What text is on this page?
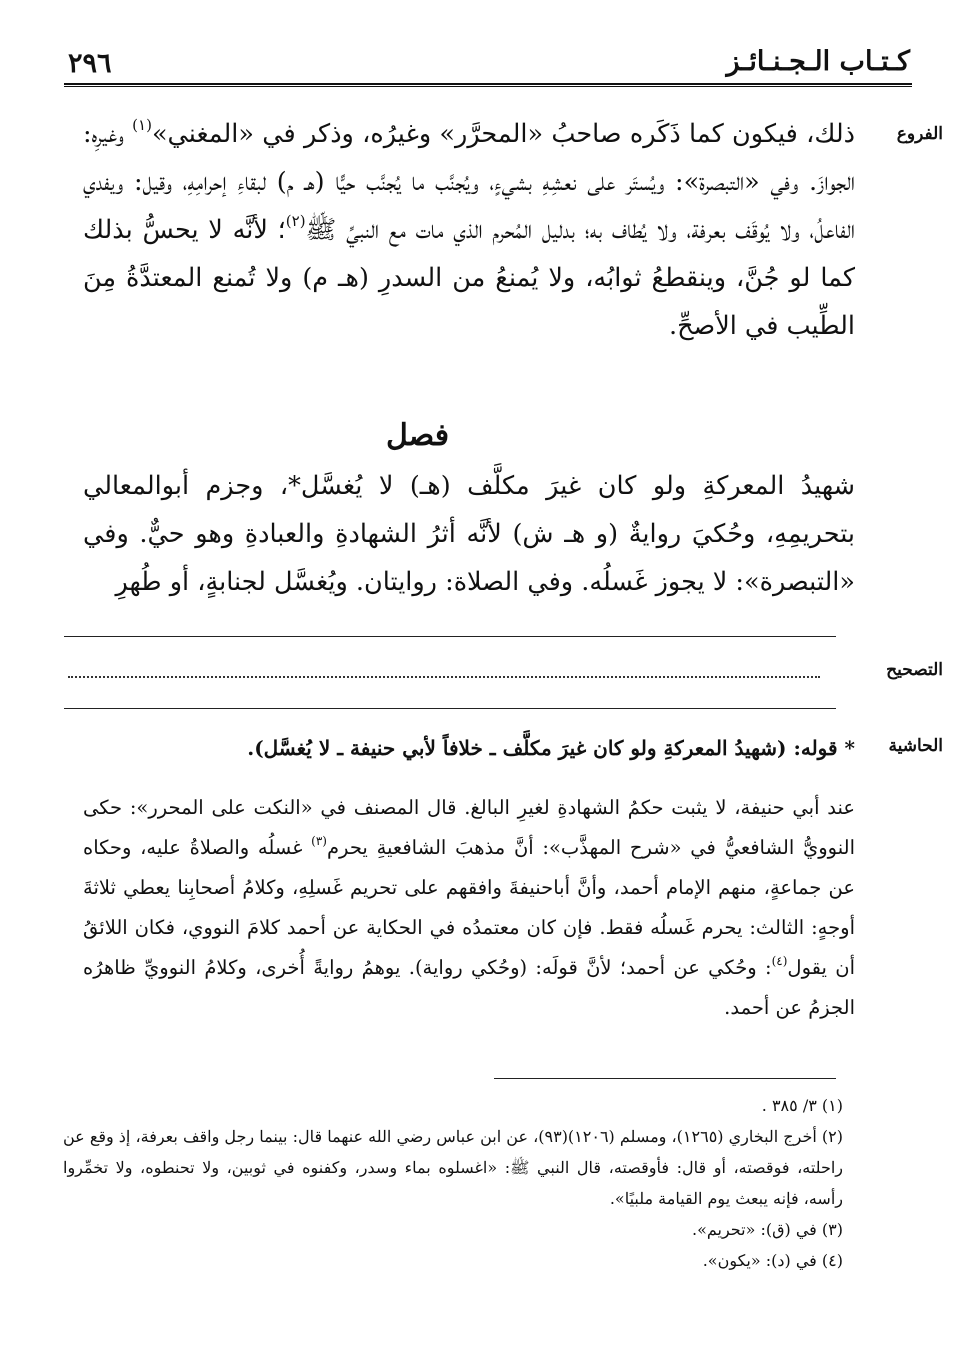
كـتـاب الـجـنـائـز
٢٩٦
الفروع
التصحيح
الحاشية
ذلك، فيكون كما ذَكَره صاحبُ «المحرَّر» وغيرُه، وذكر في «المغني»$^{(١)}$ وغيرِه: الجوازَ. وفي «التبصرة»: ويُستَر على نعشِهِ بشيءٍ، ويُجنَّب ما يُجنَّب حيًّا (هـ م) لبقاءِ إحرامِهِ، وقيل: ويفدي الفاعلُ، ولا يُوقَف بعرفة، ولا يُطاف به؛ بدليل المُحرم الذي مات مع النبيِّ ﷺ$^{(٢)}$؛ لأنَّه لا يحسُّ بذلك كما لو جُنَّ، وينقطعُ ثوابُه، ولا يُمنعُ من السدرِ (هـ م) ولا تُمنع المعتدَّةُ مِنَ الطِّيب في الأصحِّ.
فصل
شهيدُ المعركةِ ولو كان غيرَ مكلَّف (هـ) لا يُغسَّل*، وجزم أبوالمعالي بتحريمِهِ، وحُكيَ روايةٌ (و هـ ش) لأنَّه أثرُ الشهادةِ والعبادةِ وهو حيٌّ. وفي «التبصرة»: لا يجوز غَسلُه. وفي الصلاة: روايتان. ويُغسَّل لجنابةٍ، أو طُهرِ
* قوله: (شهيدُ المعركةِ ولو كان غيرَ مكلَّف ـ خلافاً لأبي حنيفة ـ لا يُغسَّل).
عند أبي حنيفة، لا يثبت حكمُ الشهادةِ لغيرِ البالغ. قال المصنف في «النكت على المحرر»: حكى النوويُّ الشافعيُّ في «شرح المهذَّب»: أنَّ مذهبَ الشافعيةِ يحرم$^{(٣)}$ غسلُه والصلاةُ عليه، وحكاه عن جماعةٍ، منهم الإمام أحمد، وأنَّ أباحنيفةَ وافقهم على تحريم غَسلِهِ، وكلامُ أصحابِنا يعطي ثلاثةَ أوجهٍ: الثالث: يحرم غَسلُه فقط. فإن كان معتمدُه في الحكاية عن أحمد كلامَ النووي، فكان اللائقُ أن يقول$^{(٤)}$: وحُكي عن أحمد؛ لأنَّ قولَه: (وحُكي رواية). يوهمُ روايةً أُخرى، وكلامُ النوويِّ ظاهرُه الجزمُ عن أحمد.
(١) ٣/ ٣٨٥ .
(٢) أخرج البخاري (١٢٦٥)، ومسلم (١٢٠٦)(٩٣)، عن ابن عباس رضي الله عنهما قال: بينما رجل واقف بعرفة، إذ وقع عن راحلته، فوقصته، أو قال: فأوقصته، قال النبي ﷺ: «اغسلوه بماء وسدر، وكفنوه في ثوبين، ولا تحنطوه، ولا تخمِّروا رأسه، فإنه يبعث يوم القيامة ملبيًا».
(٣) في (ق): «تحريم».
(٤) في (د): «يكون».
